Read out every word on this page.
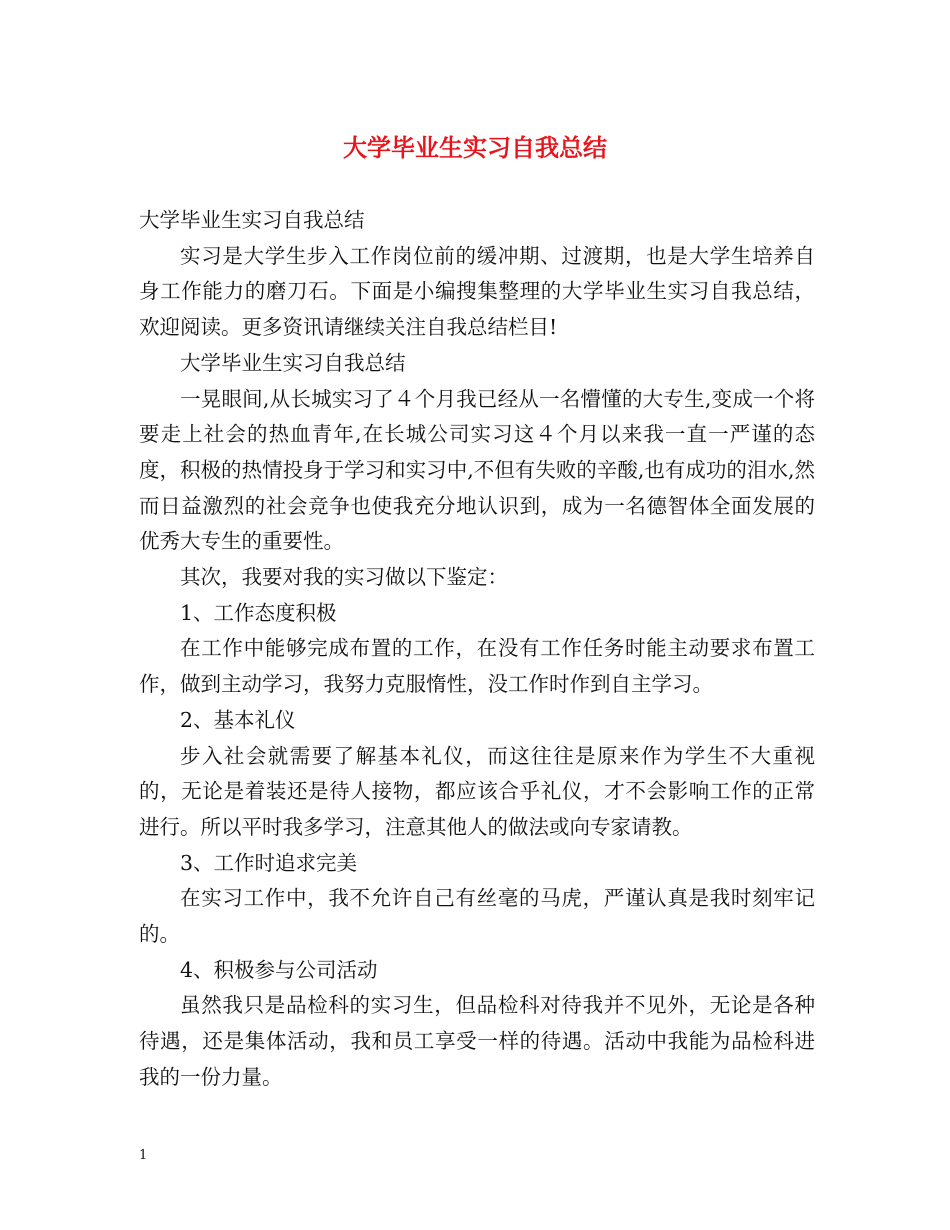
大学毕业生实习自我总结

大学毕业生实习自我总结

实习是大学生步入工作岗位前的缓冲期、过渡期，也是大学生培养自身工作能力的磨刀石。下面是小编搜集整理的大学毕业生实习自我总结，欢迎阅读。更多资讯请继续关注自我总结栏目!

大学毕业生实习自我总结

一晃眼间,从长城实习了４个月我已经从一名懵懂的大专生,变成一个将要走上社会的热血青年,在长城公司实习这４个月以来我一直一严谨的态度，积极的热情投身于学习和实习中,不但有失败的辛酸,也有成功的泪水,然而日益激烈的社会竞争也使我充分地认识到，成为一名德智体全面发展的优秀大专生的重要性。

其次，我要对我的实习做以下鉴定：

1、工作态度积极

在工作中能够完成布置的工作，在没有工作任务时能主动要求布置工作，做到主动学习，我努力克服惰性，没工作时作到自主学习。

2、基本礼仪

步入社会就需要了解基本礼仪，而这往往是原来作为学生不大重视的，无论是着装还是待人接物，都应该合乎礼仪，才不会影响工作的正常进行。所以平时我多学习，注意其他人的做法或向专家请教。

3、工作时追求完美

在实习工作中，我不允许自己有丝毫的马虎，严谨认真是我时刻牢记的。

4、积极参与公司活动

虽然我只是品检科的实习生，但品检科对待我并不见外，无论是各种待遇，还是集体活动，我和员工享受一样的待遇。活动中我能为品检科进我的一份力量。

1
